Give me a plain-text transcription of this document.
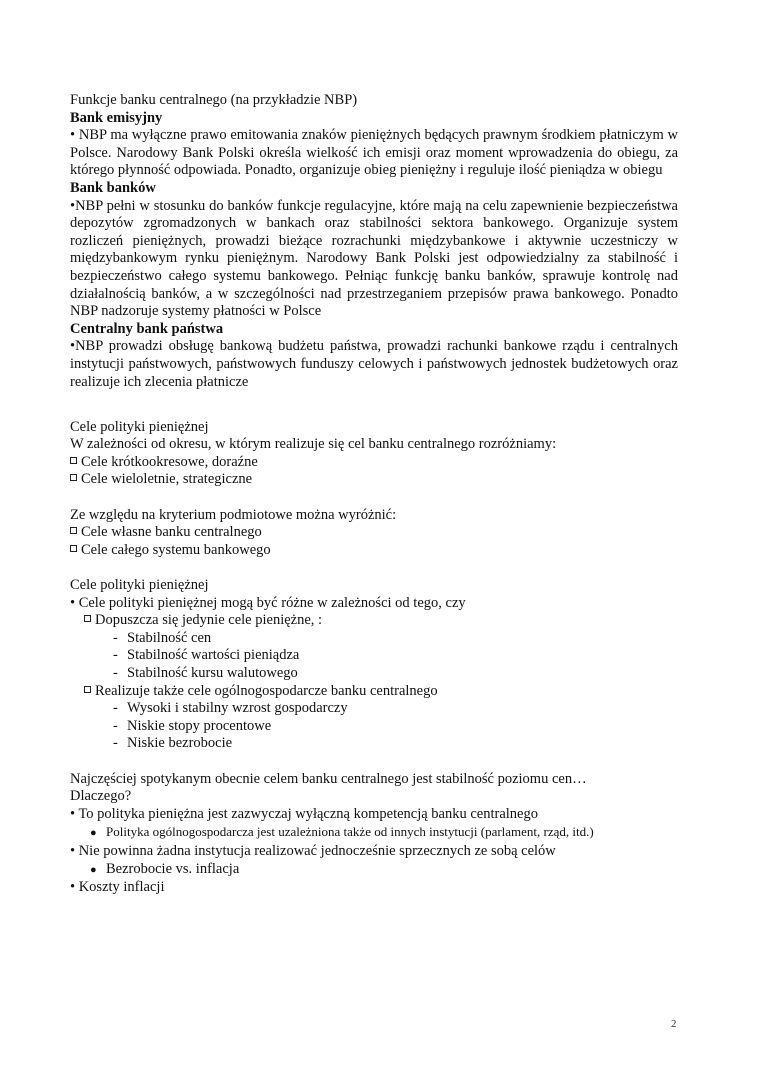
Funkcje banku centralnego (na przykładzie NBP)

Bank emisyjny

• NBP ma wyłączne prawo emitowania znaków pieniężnych będących prawnym środkiem płatniczym w Polsce. Narodowy Bank Polski określa wielkość ich emisji oraz moment wprowadzenia do obiegu, za którego płynność odpowiada. Ponadto, organizuje obieg pieniężny i reguluje ilość pieniądza w obiegu

Bank banków

•NBP pełni w stosunku do banków funkcje regulacyjne, które mają na celu zapewnienie bezpieczeństwa depozytów zgromadzonych w bankach oraz stabilności sektora bankowego. Organizuje system rozliczeń pieniężnych, prowadzi bieżące rozrachunki międzybankowe i aktywnie uczestniczy w międzybankowym rynku pieniężnym. Narodowy Bank Polski jest odpowiedzialny za stabilność i bezpieczeństwo całego systemu bankowego. Pełniąc funkcję banku banków, sprawuje kontrolę nad działalnością banków, a w szczególności nad przestrzeganiem przepisów prawa bankowego. Ponadto NBP nadzoruje systemy płatności w Polsce

Centralny bank państwa

•NBP prowadzi obsługę bankową budżetu państwa, prowadzi rachunki bankowe rządu i centralnych instytucji państwowych, państwowych funduszy celowych i państwowych jednostek budżetowych oraz realizuje ich zlecenia płatnicze

Cele polityki pieniężnej

W zależności od okresu, w którym realizuje się cel banku centralnego rozróżniamy:

Cele krótkookresowe, doraźne

Cele wieloletnie, strategiczne

Ze względu na kryterium podmiotowe można wyróżnić:

Cele własne banku centralnego

Cele całego systemu bankowego

Cele polityki pieniężnej

• Cele polityki pieniężnej mogą być różne w zależności od tego, czy

Dopuszcza się jedynie cele pieniężne, :

- Stabilność cen

- Stabilność wartości pieniądza

- Stabilność kursu walutowego

Realizuje także cele ogólnogospodarcze banku centralnego

- Wysoki i stabilny wzrost gospodarczy

- Niskie stopy procentowe

- Niskie bezrobocie

Najczęściej spotykanym obecnie celem banku centralnego jest stabilność poziomu cen…

Dlaczego?

• To polityka pieniężna jest zazwyczaj wyłączną kompetencją banku centralnego

● Polityka ogólnogospodarcza jest uzależniona także od innych instytucji (parlament, rząd, itd.)

• Nie powinna żadna instytucja realizować jednocześnie sprzecznych ze sobą celów

● Bezrobocie vs. inflacja

• Koszty inflacji

2
